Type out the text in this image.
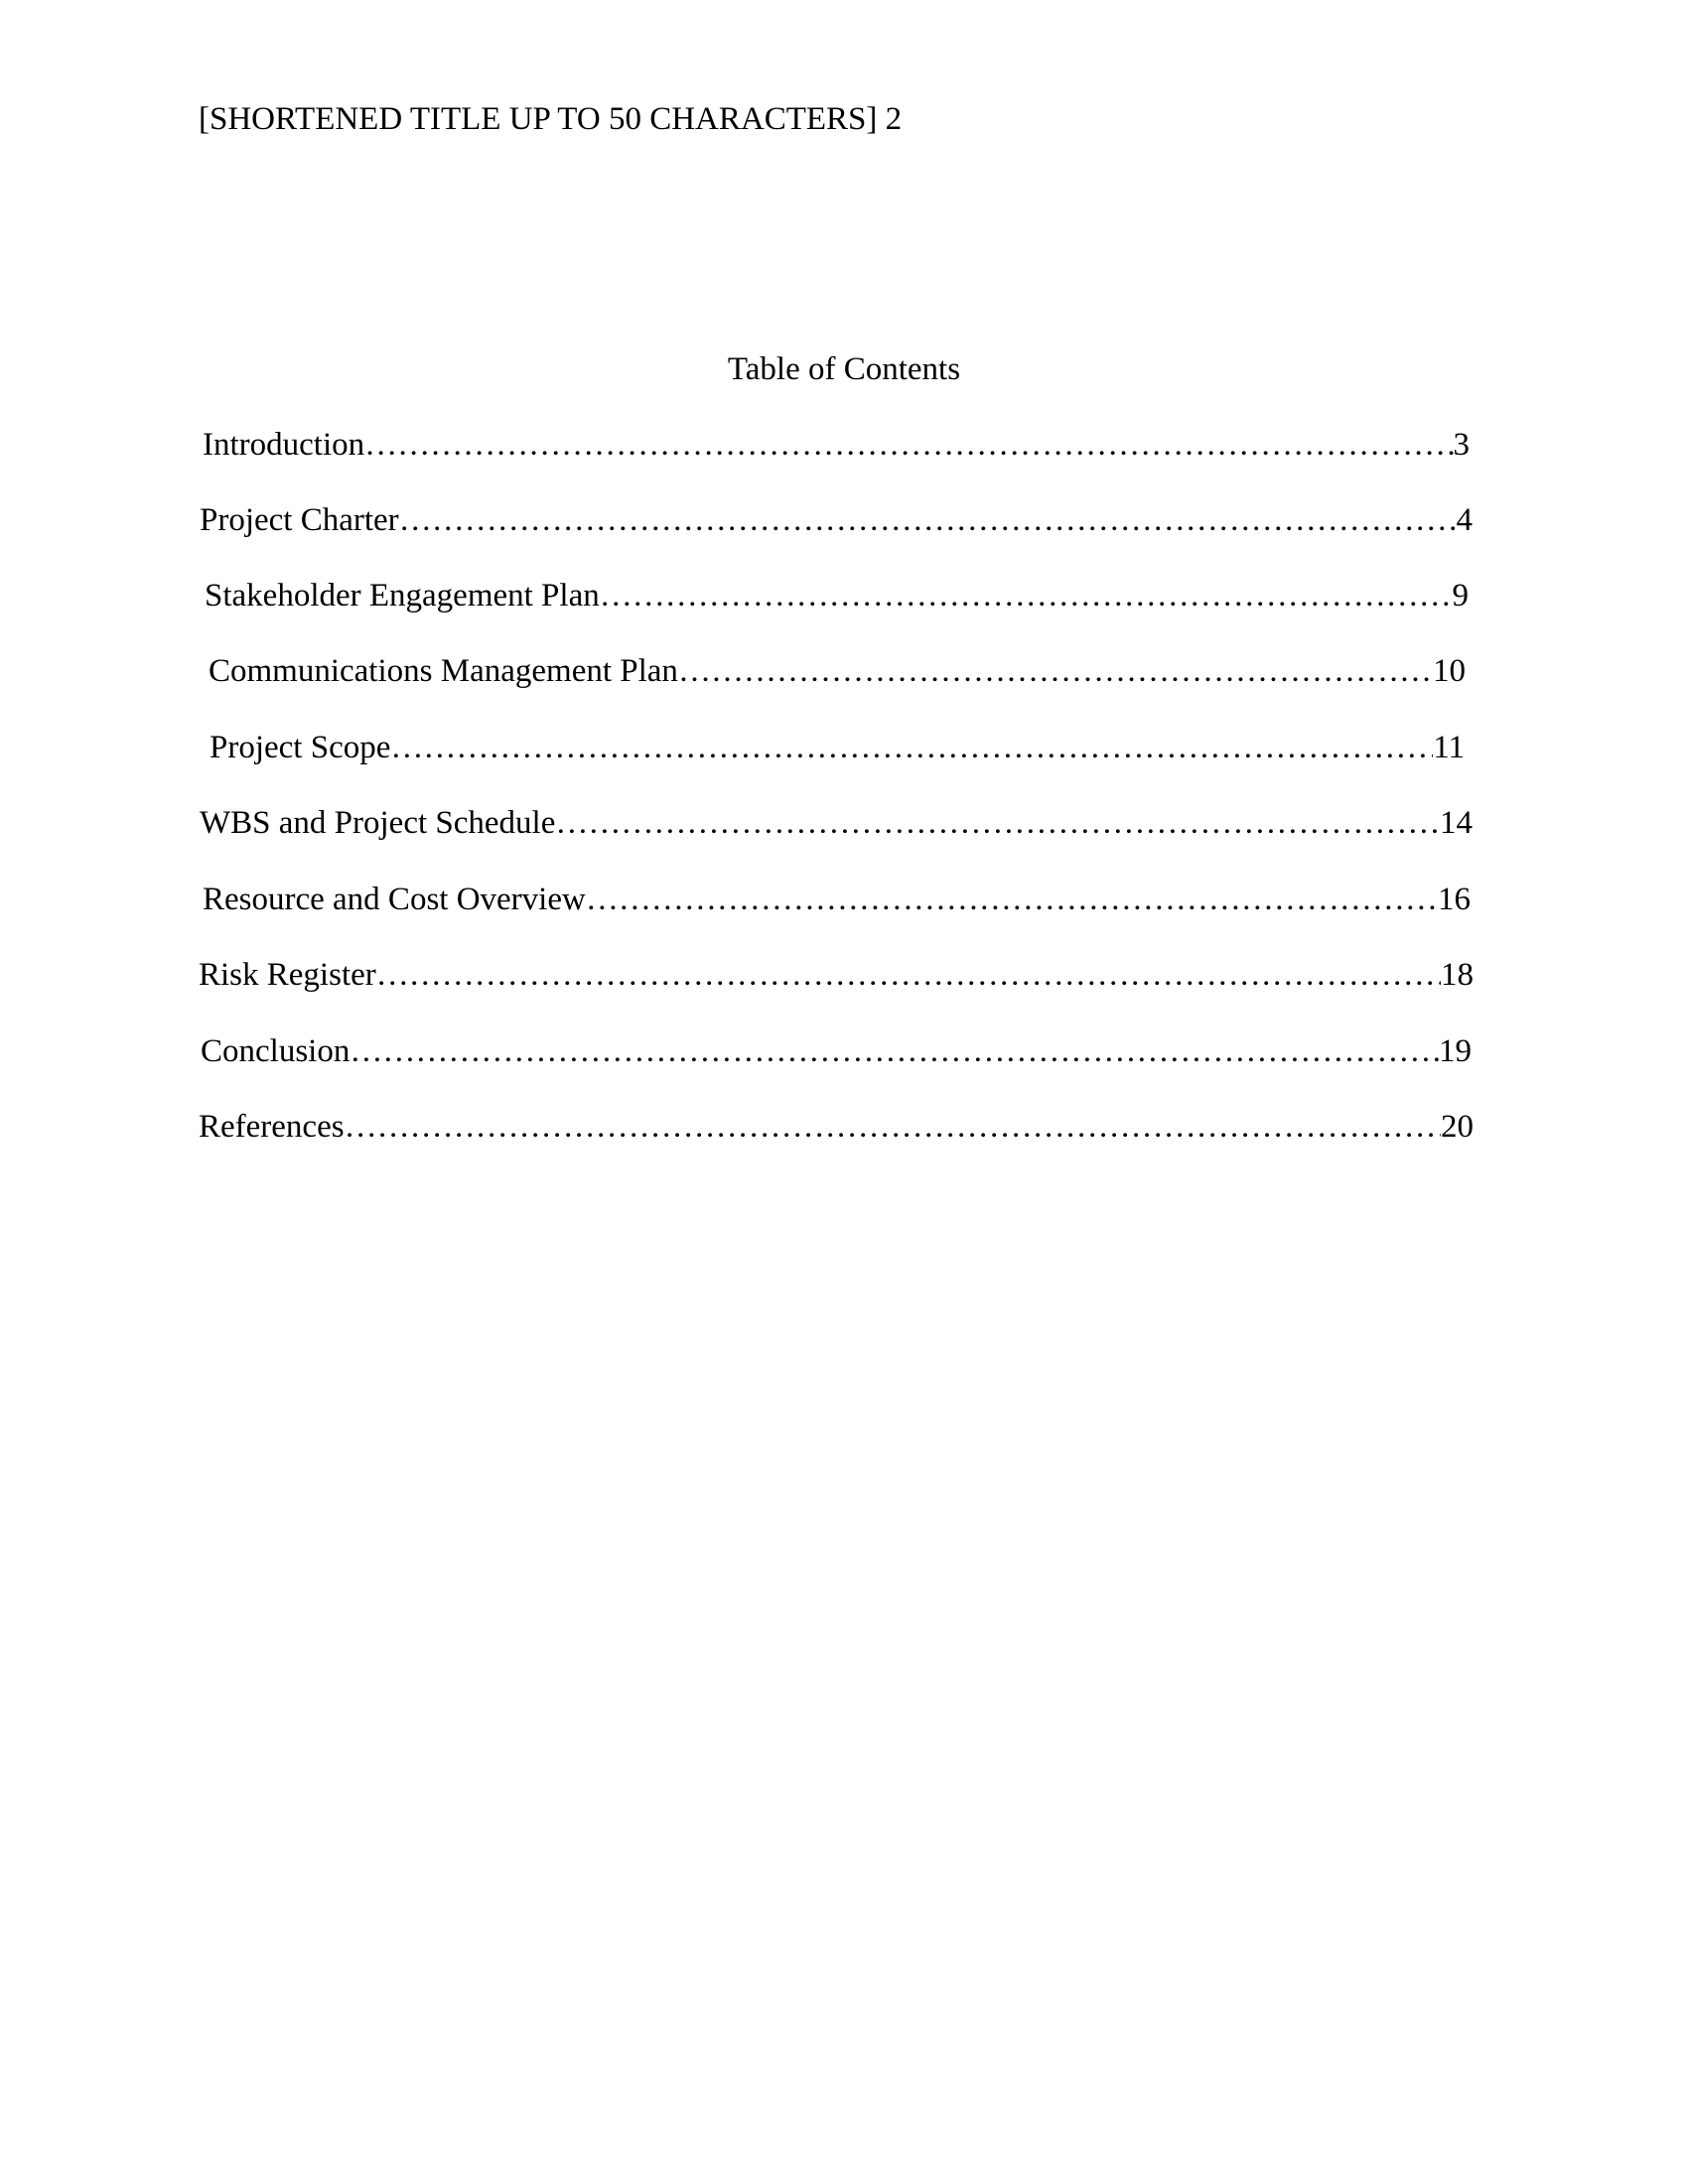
[SHORTENED TITLE UP TO 50 CHARACTERS] 2
Table of Contents
Introduction …………………………………………………………………………………………………………………………………………………………………………………………………………	3
Project Charter …………………………………………………………………………………………………………………………………………………………………………………………………………	4
Stakeholder Engagement Plan …………………………………………………………………………………………………………………………………………………………………………………………………………	9
Communications Management Plan …………………………………………………………………………………………………………………………………………………………………………………………………………	10
Project Scope …………………………………………………………………………………………………………………………………………………………………………………………………………	11
WBS and Project Schedule …………………………………………………………………………………………………………………………………………………………………………………………………………	14
Resource and Cost Overview …………………………………………………………………………………………………………………………………………………………………………………………………………	16
Risk Register …………………………………………………………………………………………………………………………………………………………………………………………………………	18
Conclusion …………………………………………………………………………………………………………………………………………………………………………………………………………	19
References …………………………………………………………………………………………………………………………………………………………………………………………………………	20
